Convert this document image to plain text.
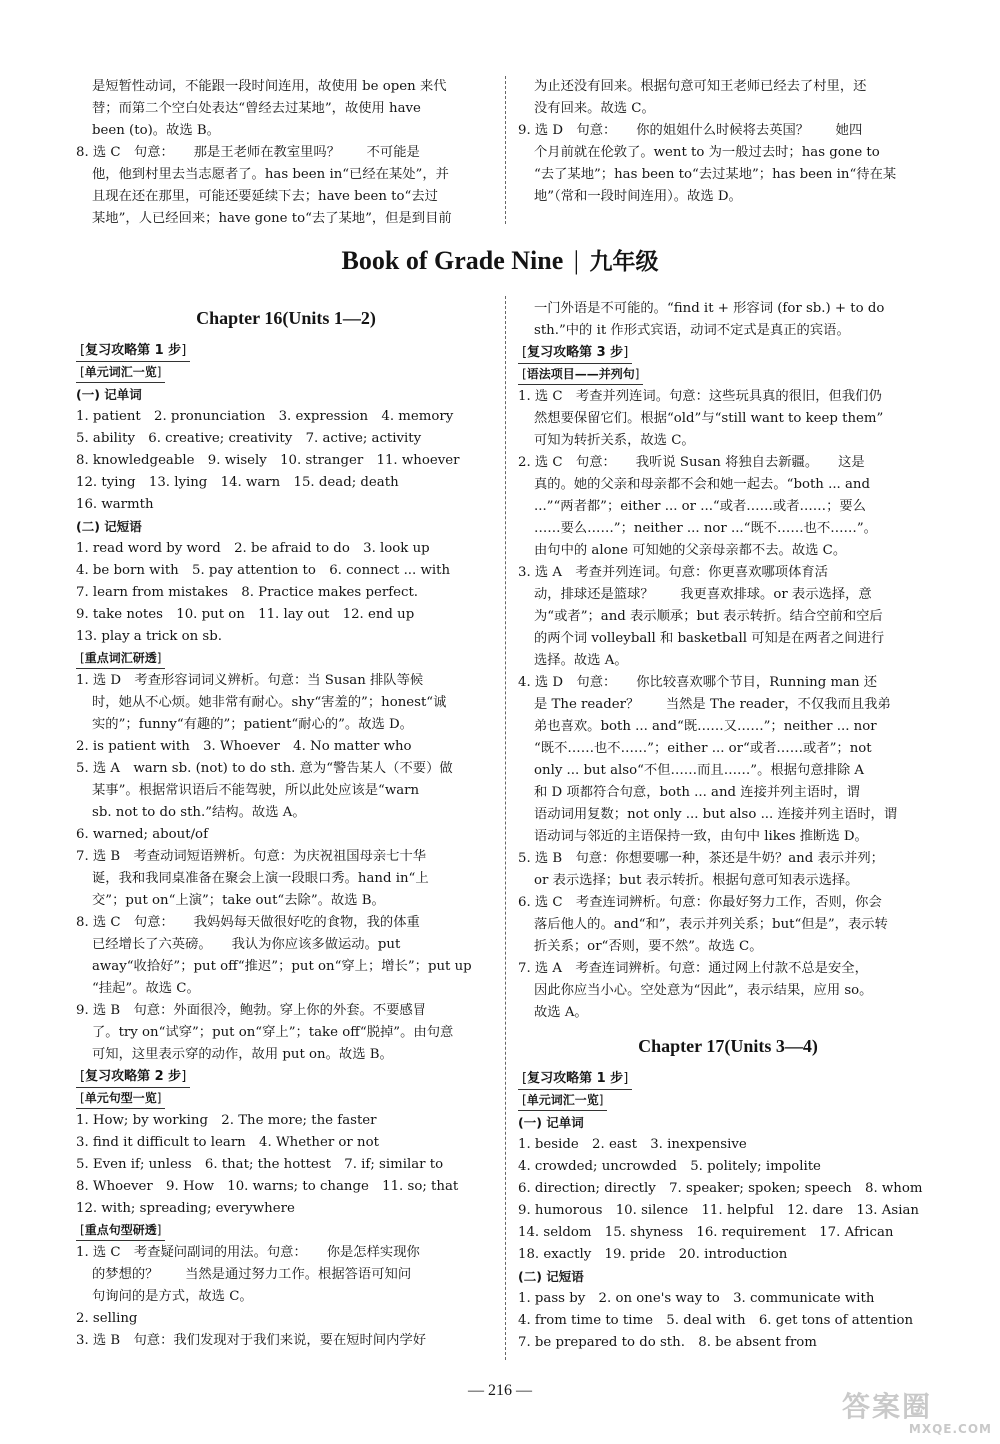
是短暂性动词，不能跟一段时间连用，故使用 be open 来代
替；而第二个空白处表达“曾经去过某地”，故使用 have
been (to)。故选 B。
8. 选 C　句意：　　那是王老师在教室里吗？　　不可能是
他，他到村里去当志愿者了。has been in“已经在某处”，并
且现在还在那里，可能还要延续下去；have been to“去过
某地”，人已经回来；have gone to“去了某地”，但是到目前
为止还没有回来。根据句意可知王老师已经去了村里，还
没有回来。故选 C。
9. 选 D　句意：　　你的姐姐什么时候将去英国？　　她四
个月前就在伦敦了。went to 为一般过去时；has gone to
“去了某地”；has been to“去过某地”；has been in“待在某
地”（常和一段时间连用）。故选 D。
Book of Grade Nine | 九年级
Chapter 16(Units 1—2)
[ 复习攻略第 1 步 ]
[ 单元词汇一览 ]
(一) 记单词
1. patient　2. pronunciation　3. expression　4. memory
5. ability　6. creative; creativity　7. active; activity
8. knowledgeable　9. wisely　10. stranger　11. whoever
12. tying　13. lying　14. warn　15. dead; death
16. warmth
(二) 记短语
1. read word by word　2. be afraid to do　3. look up
4. be born with　5. pay attention to　6. connect ... with
7. learn from mistakes　8. Practice makes perfect.
9. take notes　10. put on　11. lay out　12. end up
13. play a trick on sb.
[ 重点词汇研透 ]
1. 选 D　考查形容词词义辨析。句意：当 Susan 排队等候
时，她从不心烦。她非常有耐心。shy“害羞的”；honest“诚
实的”；funny“有趣的”；patient“耐心的”。故选 D。
2. is patient with　3. Whoever　4. No matter who
5. 选 A　warn sb. (not) to do sth. 意为“警告某人（不要）做
某事”。根据常识语后不能驾驶，所以此处应该是“warn
sb. not to do sth.”结构。故选 A。
6. warned; about/of
7. 选 B　考查动词短语辨析。句意：为庆祝祖国母亲七十华
诞，我和我同桌准备在聚会上演一段眼口秀。hand in“上
交”；put on“上演”；take out“去除”。故选 B。
8. 选 C　句意：　　我妈妈每天做很好吃的食物，我的体重
已经增长了六英磅。　　我认为你应该多做运动。put
away“收拾好”；put off“推迟”；put on“穿上；增长”；put up
“挂起”。故选 C。
9. 选 B　句意：外面很冷，鲍勃。穿上你的外套。不要感冒
了。try on“试穿”；put on“穿上”；take off“脱掉”。由句意
可知，这里表示穿的动作，故用 put on。故选 B。
[ 复习攻略第 2 步 ]
[ 单元句型一览 ]
1. How; by working　2. The more; the faster
3. find it difficult to learn　4. Whether or not
5. Even if; unless　6. that; the hottest　7. if; similar to
8. Whoever　9. How　10. warns; to change　11. so; that
12. with; spreading; everywhere
[ 重点句型研透 ]
1. 选 C　考查疑问副词的用法。句意：　　你是怎样实现你
的梦想的？　　当然是通过努力工作。根据答语可知问
句询问的是方式，故选 C。
2. selling
3. 选 B　句意：我们发现对于我们来说，要在短时间内学好
一门外语是不可能的。“find it + 形容词 (for sb.) + to do
sth.”中的 it 作形式宾语，动词不定式是真正的宾语。
[ 复习攻略第 3 步 ]
[ 语法项目——并列句 ]
1. 选 C　考查并列连词。句意：这些玩具真的很旧，但我们仍
然想要保留它们。根据“old”与“still want to keep them”
可知为转折关系，故选 C。
2. 选 C　句意：　　我听说 Susan 将独自去新疆。　　这是
真的。她的父亲和母亲都不会和她一起去。“both ... and
...”“两者都”；either ... or ...“或者……或者……；要么
……要么……”；neither ... nor ...“既不……也不……”。
由句中的 alone 可知她的父亲母亲都不去。故选 C。
3. 选 A　考查并列连词。句意：你更喜欢哪项体育活
动，排球还是篮球？　　我更喜欢排球。or 表示选择，意
为“或者”；and 表示顺承；but 表示转折。结合空前和空后
的两个词 volleyball 和 basketball 可知是在两者之间进行
选择。故选 A。
4. 选 D　句意：　　你比较喜欢哪个节目，Running man 还
是 The reader？　　当然是 The reader，不仅我而且我弟
弟也喜欢。both ... and“既……又……”；neither ... nor
“既不……也不……”；either ... or“或者……或者”；not
only ... but also“不但……而且……”。根据句意排除 A
和 D 项都符合句意，both ... and 连接并列主语时，谓
语动词用复数；not only ... but also ... 连接并列主语时，谓
语动词与邻近的主语保持一致，由句中 likes 推断选 D。
5. 选 B　句意：你想要哪一种，茶还是牛奶？and 表示并列；
or 表示选择；but 表示转折。根据句意可知表示选择。
6. 选 C　考查连词辨析。句意：你最好努力工作，否则，你会
落后他人的。and“和”，表示并列关系；but“但是”，表示转
折关系；or“否则，要不然”。故选 C。
7. 选 A　考查连词辨析。句意：通过网上付款不总是安全，
因此你应当小心。空处意为“因此”，表示结果，应用 so。
故选 A。
Chapter 17(Units 3—4)
[ 复习攻略第 1 步 ]
[ 单元词汇一览 ]
(一) 记单词
1. beside　2. east　3. inexpensive
4. crowded; uncrowded　5. politely; impolite
6. direction; directly　7. speaker; spoken; speech　8. whom
9. humorous　10. silence　11. helpful　12. dare　13. Asian
14. seldom　15. shyness　16. requirement　17. African
18. exactly　19. pride　20. introduction
(二) 记短语
1. pass by　2. on one's way to　3. communicate with
4. from time to time　5. deal with　6. get tons of attention
7. be prepared to do sth.　8. be absent from
— 216 —	答案圈
MXQE.COM
